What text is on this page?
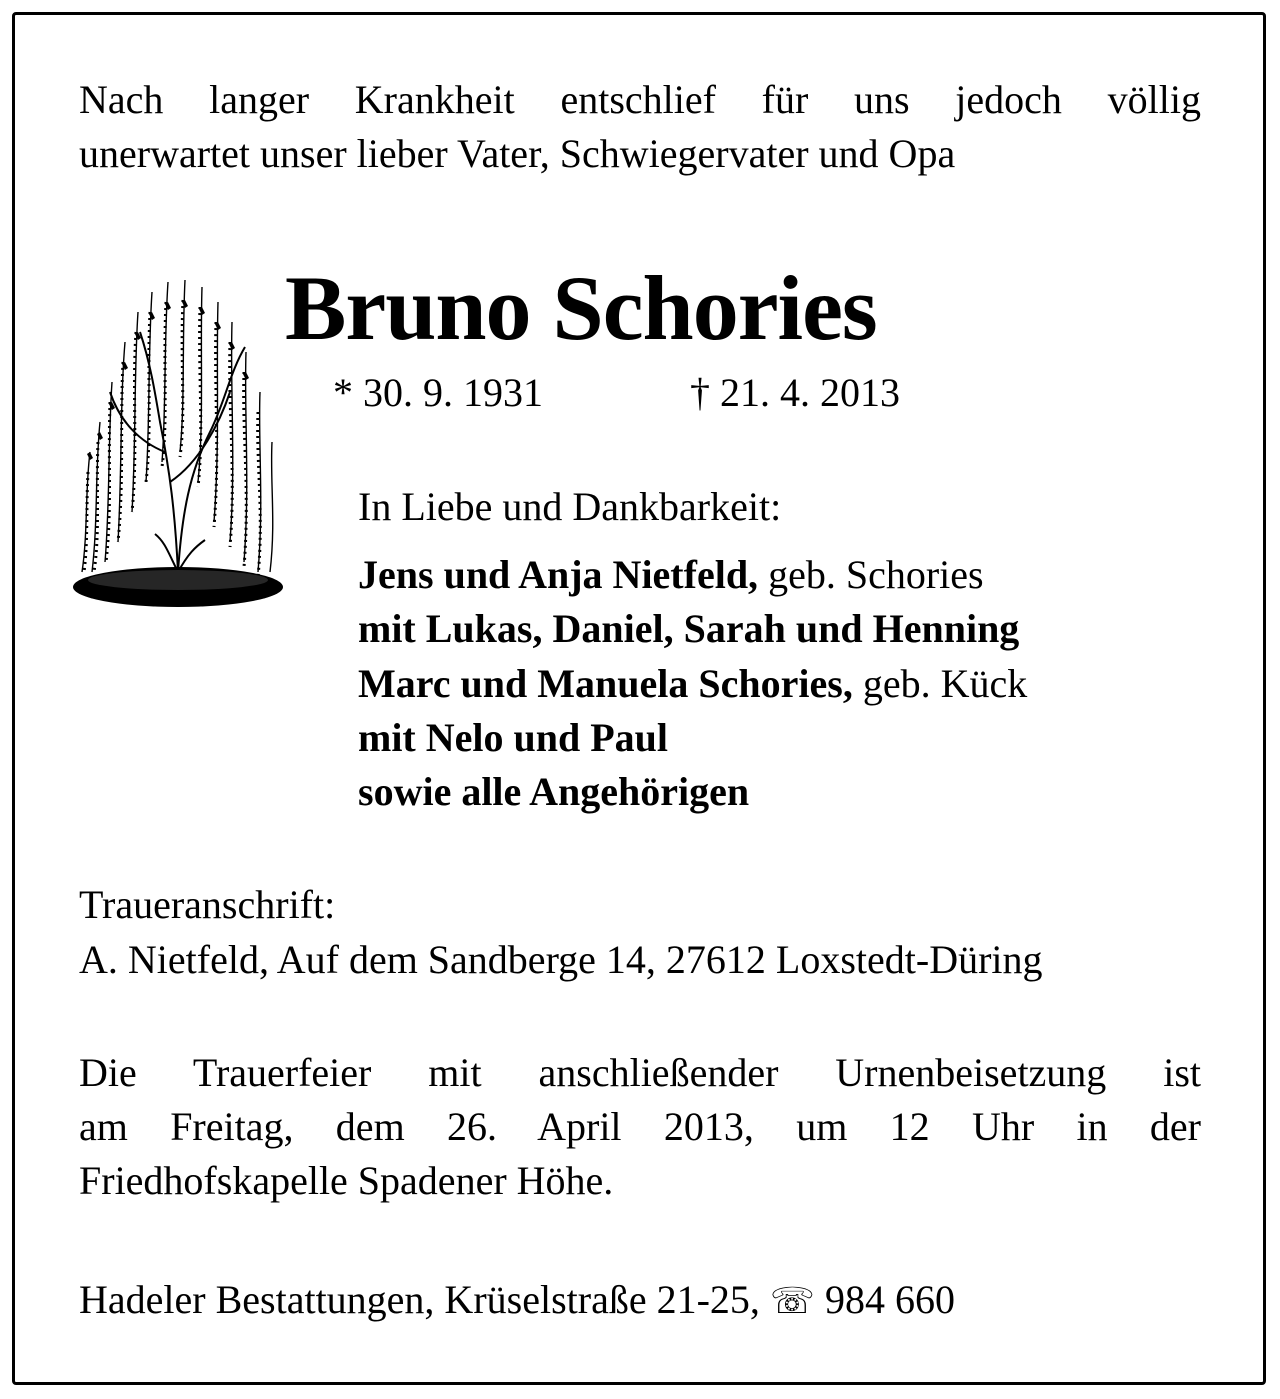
Nach langer Krankheit entschlief für uns jedoch völlig
unerwartet unser lieber Vater, Schwiegervater und Opa
Bruno Schories
* 30. 9. 1931	† 21. 4. 2013
In Liebe und Dankbarkeit:
Jens und Anja Nietfeld, geb. Schories
mit Lukas, Daniel, Sarah und Henning
Marc und Manuela Schories, geb. Kück
mit Nelo und Paul
sowie alle Angehörigen
Traueranschrift:
A. Nietfeld, Auf dem Sandberge 14, 27612 Loxstedt-Düring
Die Trauerfeier mit anschließender Urnenbeisetzung ist
am Freitag, dem 26. April 2013, um 12 Uhr in der
Friedhofskapelle Spadener Höhe.
Hadeler Bestattungen, Krüselstraße 21-25, ☏ 984 660
